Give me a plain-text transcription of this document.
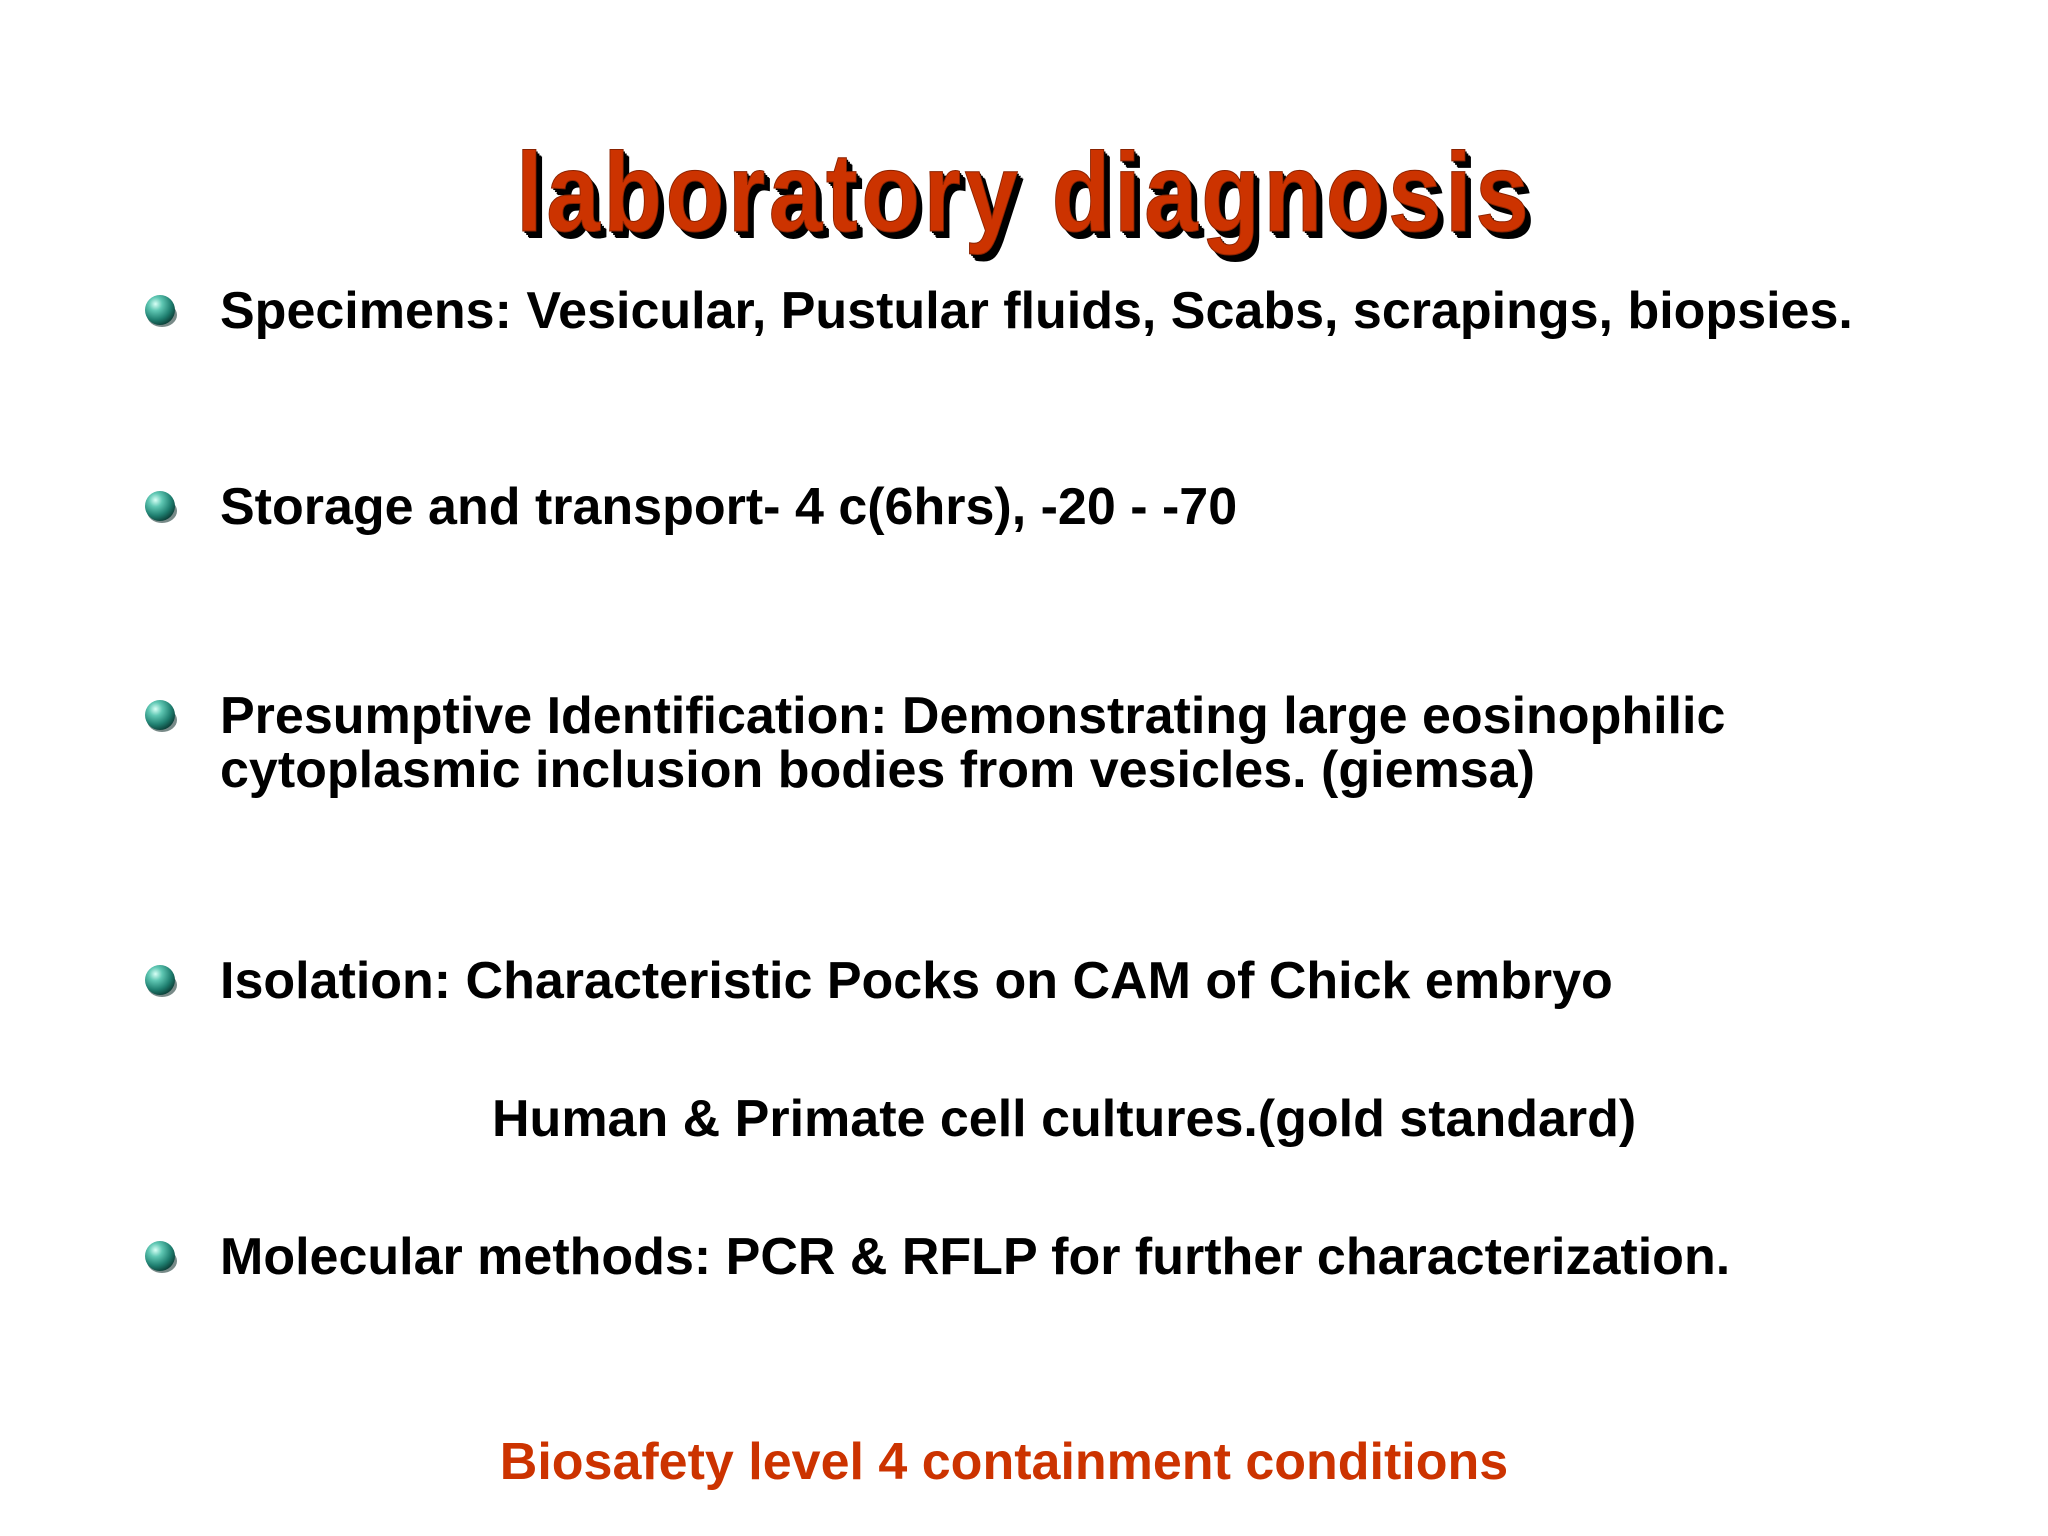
laboratory diagnosis
Specimens: Vesicular, Pustular fluids, Scabs, scrapings, biopsies.
Storage and transport- 4 c(6hrs), -20 - -70
Presumptive Identification: Demonstrating large eosinophilic cytoplasmic inclusion bodies from vesicles. (giemsa)
Isolation: Characteristic Pocks on CAM of Chick embryo
Human & Primate cell cultures.(gold standard)
Molecular methods: PCR & RFLP for further characterization.
Biosafety level 4 containment conditions
